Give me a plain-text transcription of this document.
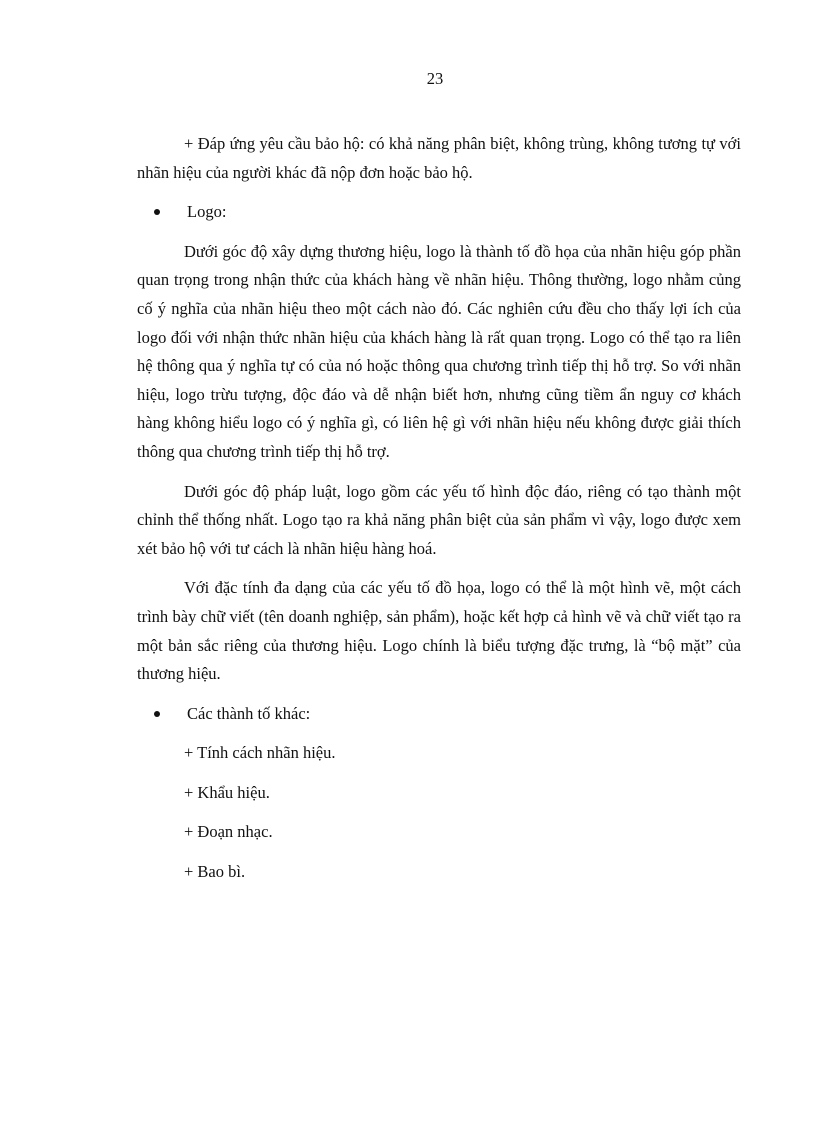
23

+ Đáp ứng yêu cầu bảo hộ: có khả năng phân biệt, không trùng, không tương tự với nhãn hiệu của người khác đã nộp đơn hoặc bảo hộ.

Logo:

Dưới góc độ xây dựng thương hiệu, logo là thành tố đồ họa của nhãn hiệu góp phần quan trọng trong nhận thức của khách hàng về nhãn hiệu. Thông thường, logo nhằm củng cố ý nghĩa của nhãn hiệu theo một cách nào đó. Các nghiên cứu đều cho thấy lợi ích của logo đối với nhận thức nhãn hiệu của khách hàng là rất quan trọng. Logo có thể tạo ra liên hệ thông qua ý nghĩa tự có của nó hoặc thông qua chương trình tiếp thị hỗ trợ. So với nhãn hiệu, logo trừu tượng, độc đáo và dễ nhận biết hơn, nhưng cũng tiềm ẩn nguy cơ khách hàng không hiểu logo có ý nghĩa gì, có liên hệ gì với nhãn hiệu nếu không được giải thích thông qua chương trình tiếp thị hỗ trợ.

Dưới góc độ pháp luật, logo gồm các yếu tố hình độc đáo, riêng có tạo thành một chỉnh thể thống nhất. Logo tạo ra khả năng phân biệt của sản phẩm vì vậy, logo được xem xét bảo hộ với tư cách là nhãn hiệu hàng hoá.

Với đặc tính đa dạng của các yếu tố đồ họa, logo có thể là một hình vẽ, một cách trình bày chữ viết (tên doanh nghiệp, sản phẩm), hoặc kết hợp cả hình vẽ và chữ viết tạo ra một bản sắc riêng của thương hiệu. Logo chính là biểu tượng đặc trưng, là “bộ mặt” của thương hiệu.

Các thành tố khác:
+ Tính cách nhãn hiệu.
+ Khẩu hiệu.
+ Đoạn nhạc.
+ Bao bì.
